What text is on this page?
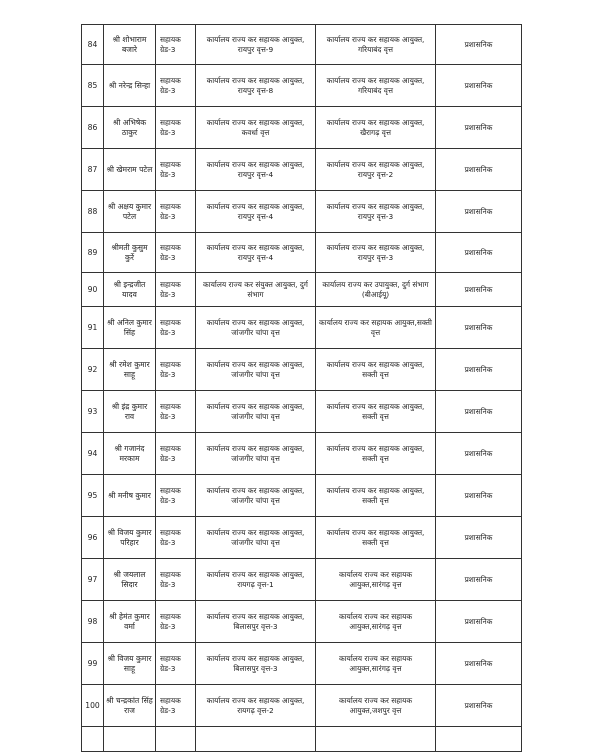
84	श्री शोभाराम बजारे	सहायक ग्रेड-3	कार्यालय राज्य कर सहायक आयुक्त, रायपुर वृत्त-9	कार्यालय राज्य कर सहायक आयुक्त, गरियाबंद वृत्त	प्रशासनिक
85	श्री नरेन्द्र सिन्हा	सहायक ग्रेड-3	कार्यालय राज्य कर सहायक आयुक्त, रायपुर वृत्त-8	कार्यालय राज्य कर सहायक आयुक्त, गरियाबंद वृत्त	प्रशासनिक
86	श्री अभिषेक ठाकुर	सहायक ग्रेड-3	कार्यालय राज्य कर सहायक आयुक्त, कवर्धा वृत्त	कार्यालय राज्य कर सहायक आयुक्त, खैरागढ़ वृत्त	प्रशासनिक
87	श्री खेमराम पटेल	सहायक ग्रेड-3	कार्यालय राज्य कर सहायक आयुक्त, रायपुर वृत्त-4	कार्यालय राज्य कर सहायक आयुक्त, रायपुर वृत्त-2	प्रशासनिक
88	श्री अक्षय कुमार पटेल	सहायक ग्रेड-3	कार्यालय राज्य कर सहायक आयुक्त, रायपुर वृत्त-4	कार्यालय राज्य कर सहायक आयुक्त, रायपुर वृत्त-3	प्रशासनिक
89	श्रीमती कुसुम कुर्रे	सहायक ग्रेड-3	कार्यालय राज्य कर सहायक आयुक्त, रायपुर वृत्त-4	कार्यालय राज्य कर सहायक आयुक्त, रायपुर वृत्त-3	प्रशासनिक
90	श्री इन्द्रजीत यादव	सहायक ग्रेड-3	कार्यालय राज्य कर संयुक्त आयुक्त, दुर्ग संभाग	कार्यालय राज्य कर उपायुक्त, दुर्ग संभाग (बीआईयू)	प्रशासनिक
91	श्री अनिल कुमार सिंह	सहायक ग्रेड-3	कार्यालय राज्य कर सहायक आयुक्त, जांजगीर चांपा वृत्त	कार्यालय राज्य कर सहायक आयुक्त,सक्ती वृत्त	प्रशासनिक
92	श्री रमेश कुमार साहू	सहायक ग्रेड-3	कार्यालय राज्य कर सहायक आयुक्त, जांजगीर चांपा वृत्त	कार्यालय राज्य कर सहायक आयुक्त, सक्ती वृत्त	प्रशासनिक
93	श्री इंद्र कुमार राव	सहायक ग्रेड-3	कार्यालय राज्य कर सहायक आयुक्त, जांजगीर चांपा वृत्त	कार्यालय राज्य कर सहायक आयुक्त, सक्ती वृत्त	प्रशासनिक
94	श्री गजानंद मरकाम	सहायक ग्रेड-3	कार्यालय राज्य कर सहायक आयुक्त, जांजगीर चांपा वृत्त	कार्यालय राज्य कर सहायक आयुक्त, सक्ती वृत्त	प्रशासनिक
95	श्री मनीष कुमार	सहायक ग्रेड-3	कार्यालय राज्य कर सहायक आयुक्त, जांजगीर चांपा वृत्त	कार्यालय राज्य कर सहायक आयुक्त, सक्ती वृत्त	प्रशासनिक
96	श्री विजय कुमार परिहार	सहायक ग्रेड-3	कार्यालय राज्य कर सहायक आयुक्त, जांजगीर चांपा वृत्त	कार्यालय राज्य कर सहायक आयुक्त, सक्ती वृत्त	प्रशासनिक
97	श्री जयलाल सिदार	सहायक ग्रेड-3	कार्यालय राज्य कर सहायक आयुक्त, रायगढ़ वृत्त-1	कार्यालय राज्य कर सहायक आयुक्त,सारंगढ़ वृत्त	प्रशासनिक
98	श्री हेमंत कुमार वर्मा	सहायक ग्रेड-3	कार्यालय राज्य कर सहायक आयुक्त, बिलासपुर वृत्त-3	कार्यालय राज्य कर सहायक आयुक्त,सारंगढ़ वृत्त	प्रशासनिक
99	श्री विजय कुमार साहू	सहायक ग्रेड-3	कार्यालय राज्य कर सहायक आयुक्त, बिलासपुर वृत्त-3	कार्यालय राज्य कर सहायक आयुक्त,सारंगढ़ वृत्त	प्रशासनिक
100	श्री चन्द्रकांत सिंह राज	सहायक ग्रेड-3	कार्यालय राज्य कर सहायक आयुक्त, रायगढ़ वृत्त-2	कार्यालय राज्य कर सहायक आयुक्त,जशपुर वृत्त	प्रशासनिक
